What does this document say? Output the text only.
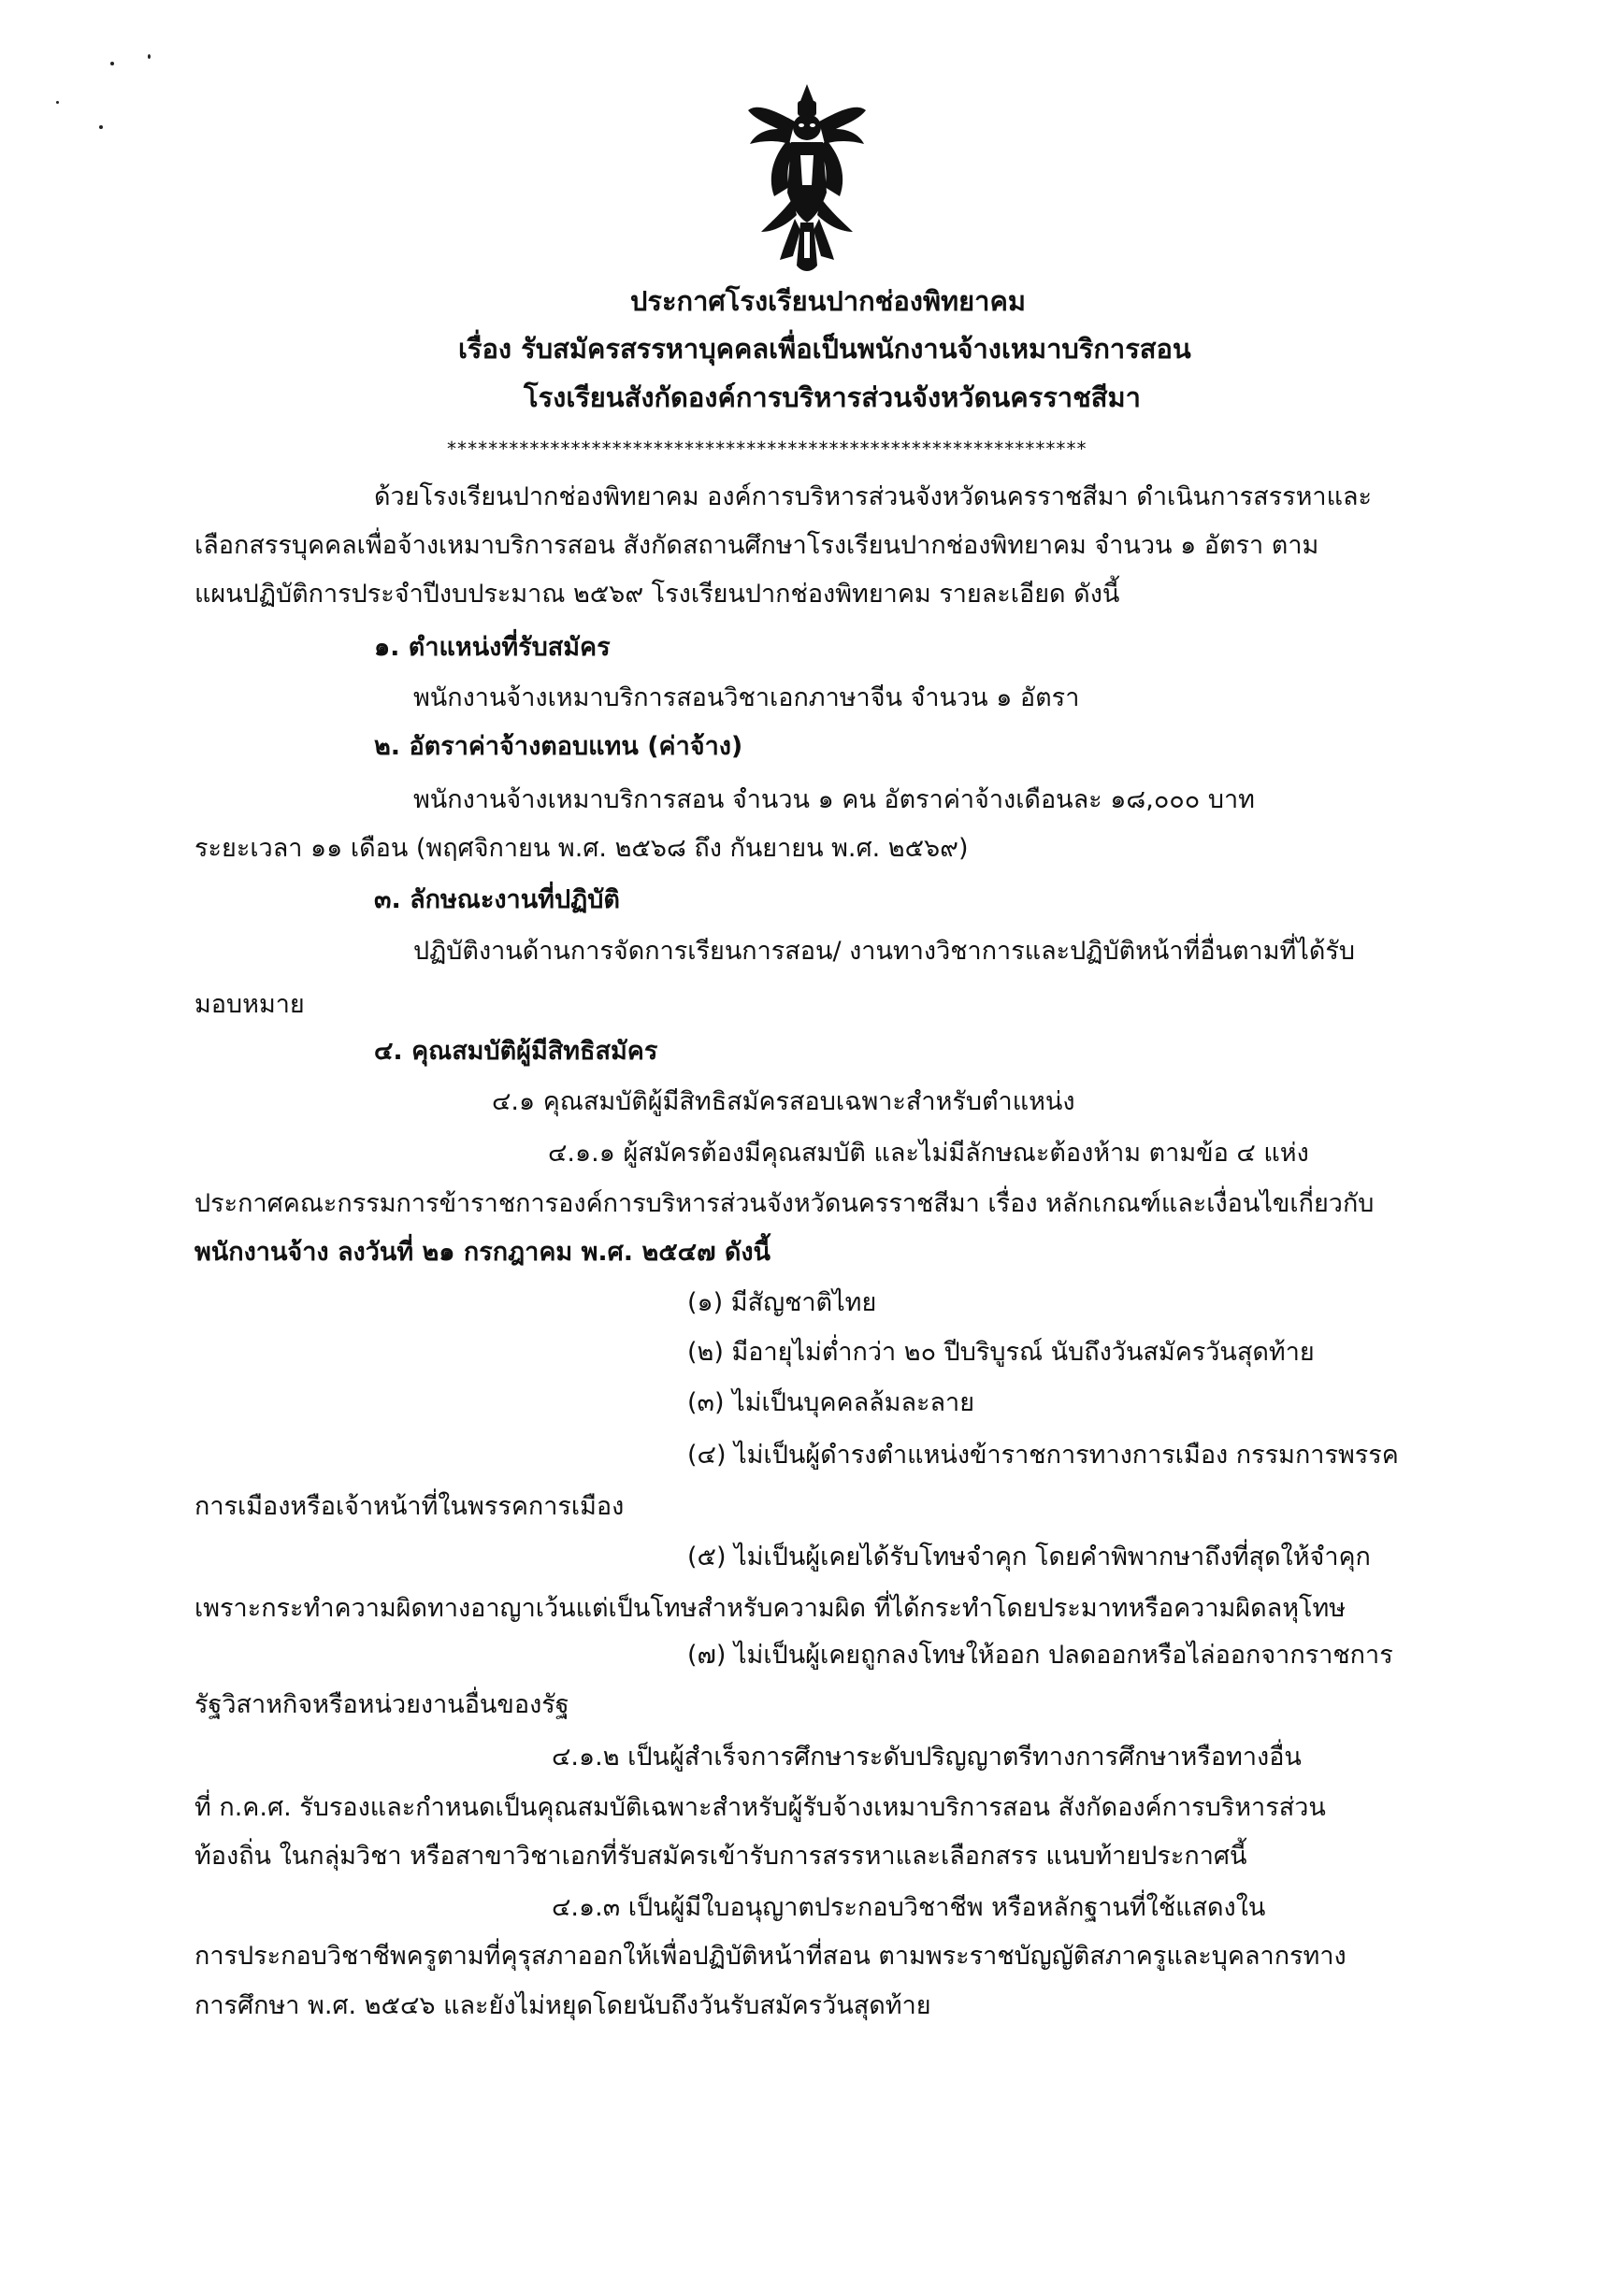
ประกาศโรงเรียนปากช่องพิทยาคม
เรื่อง รับสมัครสรรหาบุคคลเพื่อเป็นพนักงานจ้างเหมาบริการสอน
โรงเรียนสังกัดองค์การบริหารส่วนจังหวัดนครราชสีมา
**************************************************************
ด้วยโรงเรียนปากช่องพิทยาคม องค์การบริหารส่วนจังหวัดนครราชสีมา ดำเนินการสรรหาและ
เลือกสรรบุคคลเพื่อจ้างเหมาบริการสอน สังกัดสถานศึกษาโรงเรียนปากช่องพิทยาคม จำนวน ๑ อัตรา ตาม
แผนปฏิบัติการประจำปีงบประมาณ ๒๕๖๙ โรงเรียนปากช่องพิทยาคม รายละเอียด ดังนี้
๑. ตำแหน่งที่รับสมัคร
พนักงานจ้างเหมาบริการสอนวิชาเอกภาษาจีน จำนวน ๑ อัตรา
๒. อัตราค่าจ้างตอบแทน (ค่าจ้าง)
พนักงานจ้างเหมาบริการสอน จำนวน ๑ คน อัตราค่าจ้างเดือนละ ๑๘,๐๐๐ บาท
ระยะเวลา ๑๑ เดือน (พฤศจิกายน พ.ศ. ๒๕๖๘ ถึง กันยายน พ.ศ. ๒๕๖๙)
๓. ลักษณะงานที่ปฏิบัติ
ปฏิบัติงานด้านการจัดการเรียนการสอน/ งานทางวิชาการและปฏิบัติหน้าที่อื่นตามที่ได้รับ
มอบหมาย
๔. คุณสมบัติผู้มีสิทธิสมัคร
๔.๑ คุณสมบัติผู้มีสิทธิสมัครสอบเฉพาะสำหรับตำแหน่ง
๔.๑.๑ ผู้สมัครต้องมีคุณสมบัติ และไม่มีลักษณะต้องห้าม ตามข้อ ๔ แห่ง
ประกาศคณะกรรมการข้าราชการองค์การบริหารส่วนจังหวัดนครราชสีมา เรื่อง หลักเกณฑ์และเงื่อนไขเกี่ยวกับ
พนักงานจ้าง ลงวันที่ ๒๑ กรกฎาคม พ.ศ. ๒๕๔๗ ดังนี้
(๑) มีสัญชาติไทย
(๒) มีอายุไม่ต่ำกว่า ๒๐ ปีบริบูรณ์ นับถึงวันสมัครวันสุดท้าย
(๓) ไม่เป็นบุคคลล้มละลาย
(๔) ไม่เป็นผู้ดำรงตำแหน่งข้าราชการทางการเมือง กรรมการพรรค
การเมืองหรือเจ้าหน้าที่ในพรรคการเมือง
(๕) ไม่เป็นผู้เคยได้รับโทษจำคุก โดยคำพิพากษาถึงที่สุดให้จำคุก
เพราะกระทำความผิดทางอาญาเว้นแต่เป็นโทษสำหรับความผิด ที่ได้กระทำโดยประมาทหรือความผิดลหุโทษ
(๗) ไม่เป็นผู้เคยถูกลงโทษให้ออก ปลดออกหรือไล่ออกจากราชการ
รัฐวิสาหกิจหรือหน่วยงานอื่นของรัฐ
๔.๑.๒ เป็นผู้สำเร็จการศึกษาระดับปริญญาตรีทางการศึกษาหรือทางอื่น
ที่ ก.ค.ศ. รับรองและกำหนดเป็นคุณสมบัติเฉพาะสำหรับผู้รับจ้างเหมาบริการสอน สังกัดองค์การบริหารส่วน
ท้องถิ่น ในกลุ่มวิชา หรือสาขาวิชาเอกที่รับสมัครเข้ารับการสรรหาและเลือกสรร แนบท้ายประกาศนี้
๔.๑.๓ เป็นผู้มีใบอนุญาตประกอบวิชาชีพ หรือหลักฐานที่ใช้แสดงใน
การประกอบวิชาชีพครูตามที่คุรุสภาออกให้เพื่อปฏิบัติหน้าที่สอน ตามพระราชบัญญัติสภาครูและบุคลากรทาง
การศึกษา พ.ศ. ๒๕๔๖ และยังไม่หยุดโดยนับถึงวันรับสมัครวันสุดท้าย
